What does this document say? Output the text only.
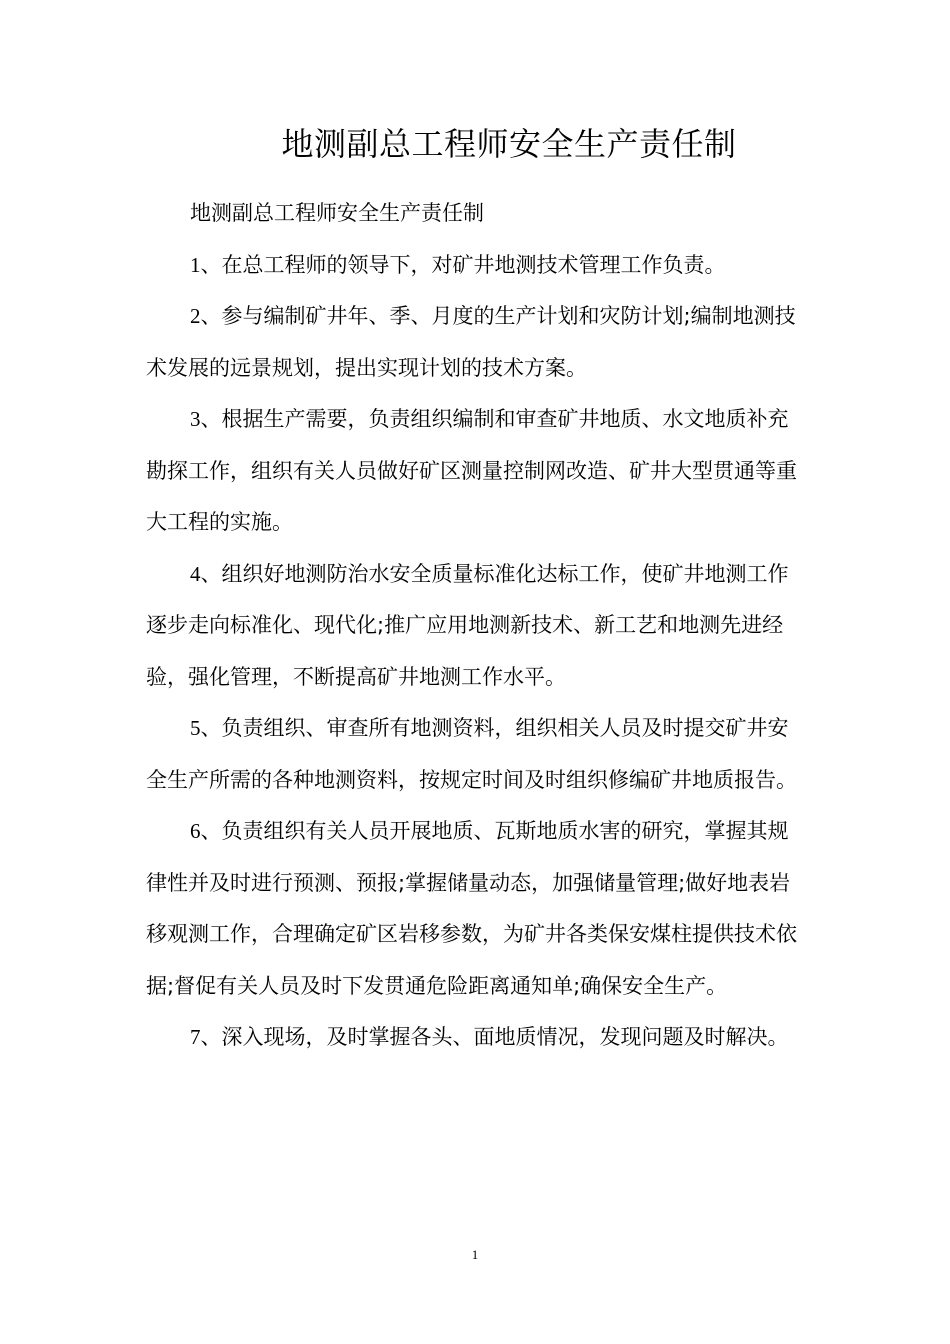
地测副总工程师安全生产责任制

地测副总工程师安全生产责任制

1、在总工程师的领导下，对矿井地测技术管理工作负责。

2、参与编制矿井年、季、月度的生产计划和灾防计划;编制地测技术发展的远景规划，提出实现计划的技术方案。

3、根据生产需要，负责组织编制和审查矿井地质、水文地质补充勘探工作，组织有关人员做好矿区测量控制网改造、矿井大型贯通等重大工程的实施。

4、组织好地测防治水安全质量标准化达标工作，使矿井地测工作逐步走向标准化、现代化;推广应用地测新技术、新工艺和地测先进经验，强化管理，不断提高矿井地测工作水平。

5、负责组织、审查所有地测资料，组织相关人员及时提交矿井安全生产所需的各种地测资料，按规定时间及时组织修编矿井地质报告。

6、负责组织有关人员开展地质、瓦斯地质水害的研究，掌握其规律性并及时进行预测、预报;掌握储量动态，加强储量管理;做好地表岩移观测工作，合理确定矿区岩移参数，为矿井各类保安煤柱提供技术依据;督促有关人员及时下发贯通危险距离通知单;确保安全生产。

7、深入现场，及时掌握各头、面地质情况，发现问题及时解决。

1
